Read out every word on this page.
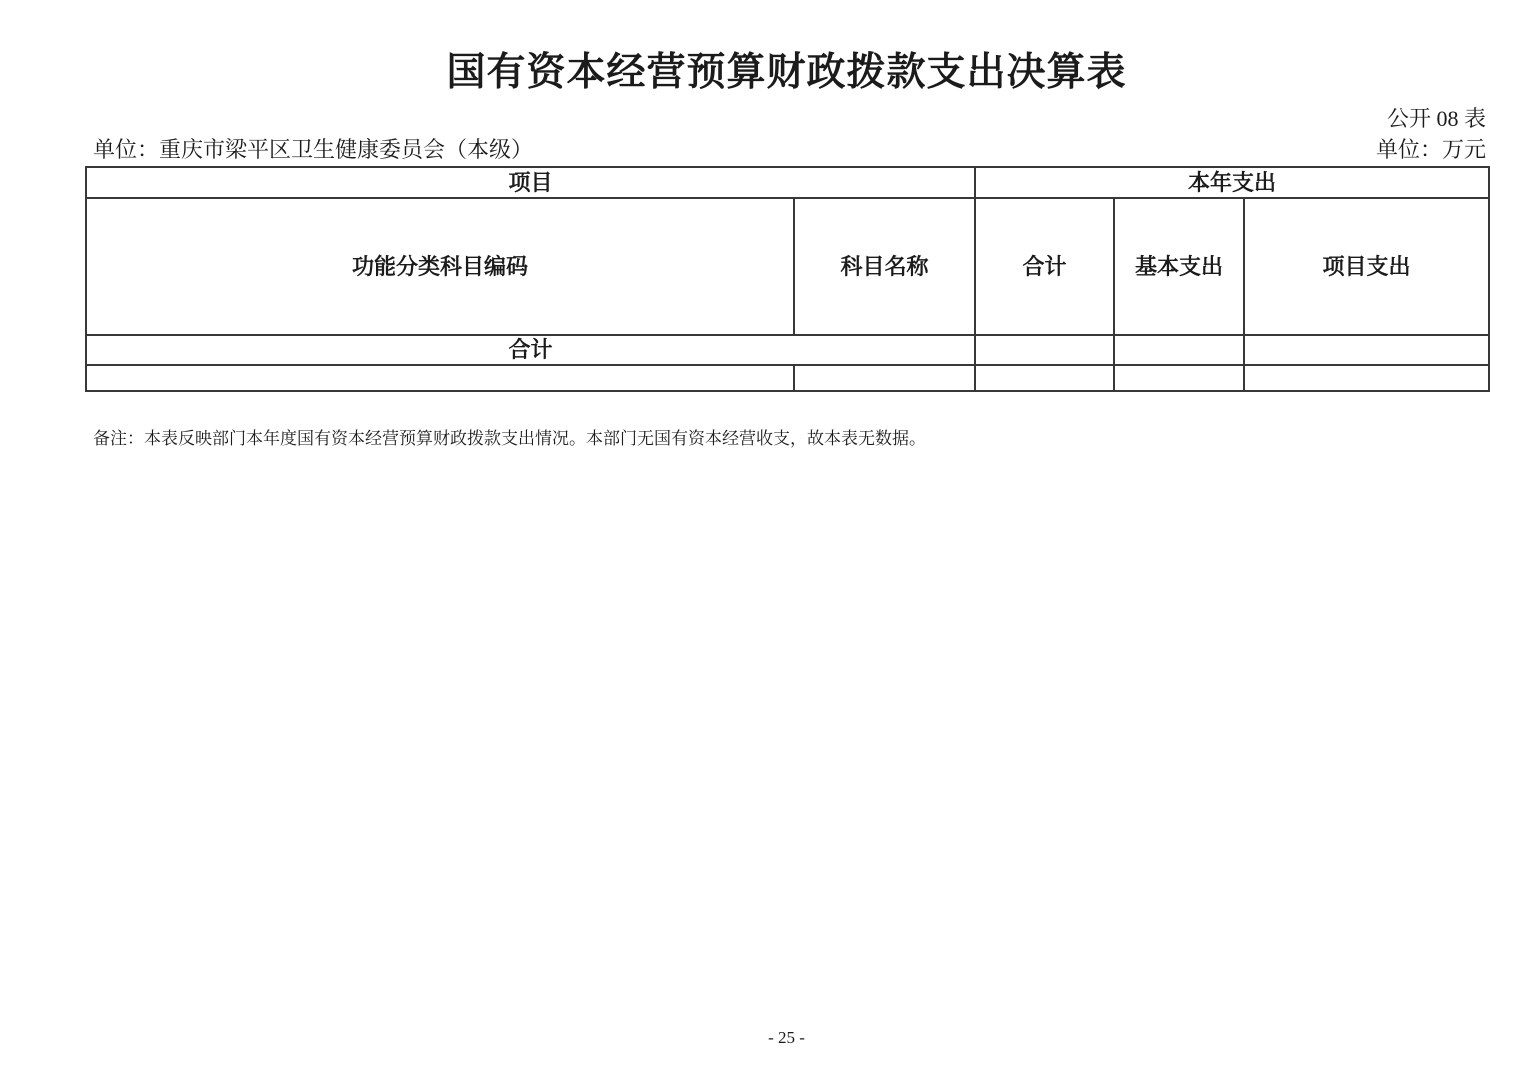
国有资本经营预算财政拨款支出决算表
公开 08 表
单位：重庆市梁平区卫生健康委员会（本级）	单位：万元
项目		本年支出		
功能分类科目编码	科目名称	合计	基本支出	项目支出
合计				

备注：本表反映部门本年度国有资本经营预算财政拨款支出情况。本部门无国有资本经营收支，故本表无数据。
- 25 -
